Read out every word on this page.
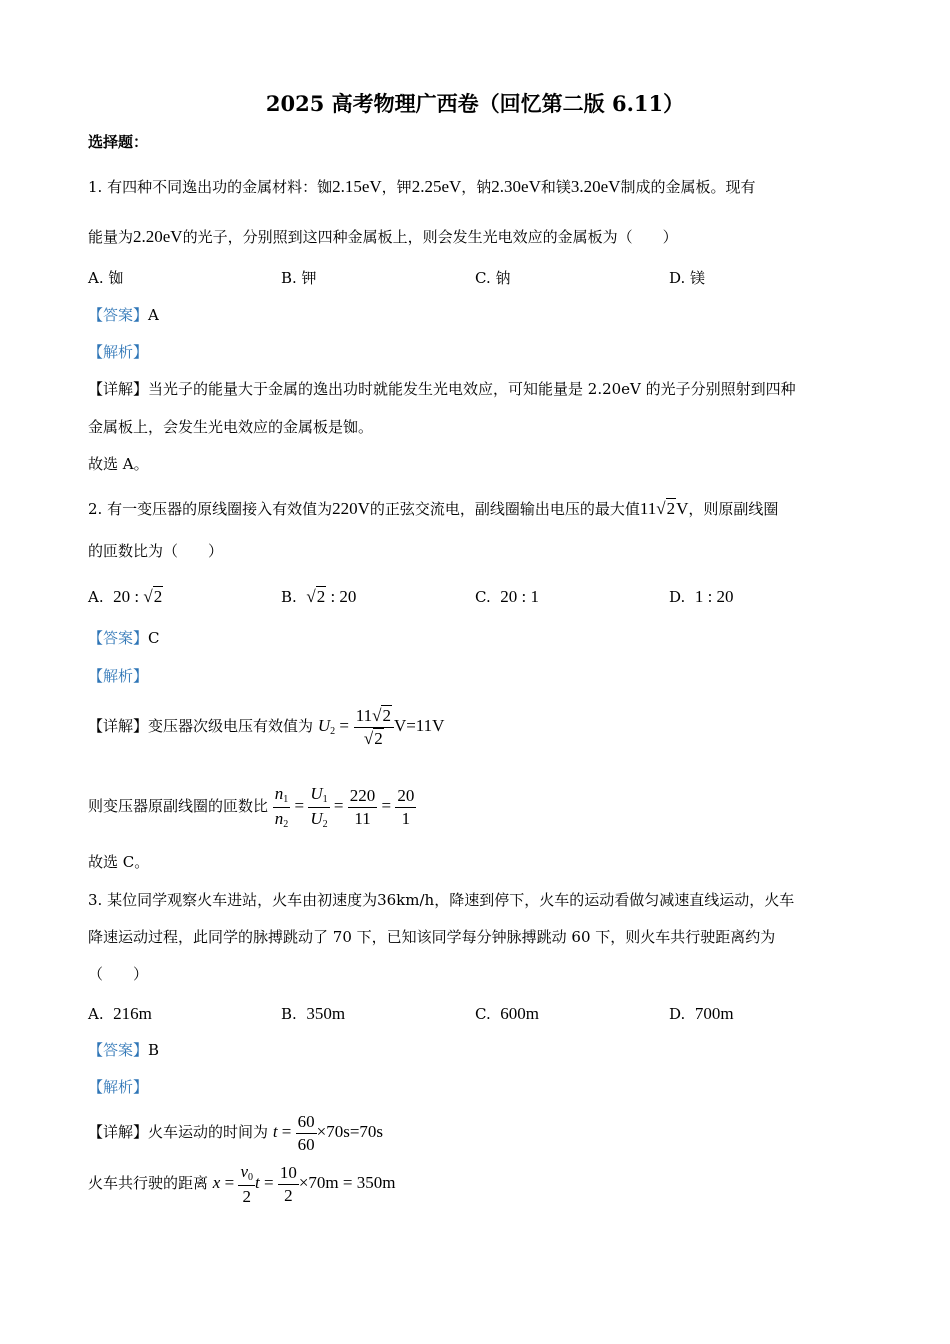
2025 高考物理广西卷（回忆第二版 6.11）
选择题：
1. 有四种不同逸出功的金属材料：铷2.15eV，钾2.25eV，钠2.30eV和镁3.20eV制成的金属板。现有
能量为2.20eV的光子，分别照到这四种金属板上，则会发生光电效应的金属板为（　　）
A. 铷	B. 钾	C. 钠	D. 镁
【答案】A
【解析】
【详解】当光子的能量大于金属的逸出功时就能发生光电效应，可知能量是 2.20eV 的光子分别照射到四种
金属板上，会发生光电效应的金属板是铷。
故选 A。
2. 有一变压器的原线圈接入有效值为220V的正弦交流电，副线圈输出电压的最大值11√2V，则原副线圈
的匝数比为（　　）
A. 20 : √2	B. √2 : 20	C. 20 : 1	D. 1 : 20
【答案】C
【解析】
【详解】变压器次级电压有效值为 $U_2 = \frac{11√2}{√2} V=11V$
则变压器原副线圈的匝数比 $\frac{n_1}{n_2} = \frac{U_1}{U_2} = \frac{220}{11} = \frac{20}{1}$
故选 C。
3. 某位同学观察火车进站，火车由初速度为36km/h，降速到停下，火车的运动看做匀减速直线运动，火车
降速运动过程，此同学的脉搏跳动了 70 下，已知该同学每分钟脉搏跳动 60 下，则火车共行驶距离约为
（　　）
A. 216m	B. 350m	C. 600m	D. 700m
【答案】B
【解析】
【详解】火车运动的时间为 $t = \frac{60}{60} \times 70s=70s$
火车共行驶的距离 $x = \frac{v_0}{2}$ $t = \frac{10}{2} \times 70m = 350m$
